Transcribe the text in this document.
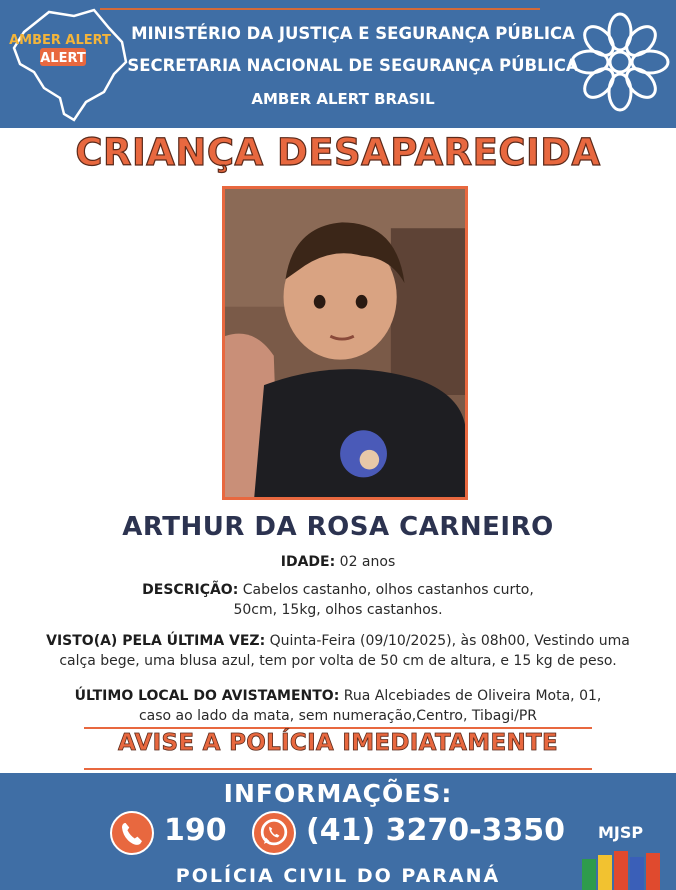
AMBER ALERT
ALERT
MINISTÉRIO DA JUSTIÇA E SEGURANÇA PÚBLICA
SECRETARIA NACIONAL DE SEGURANÇA PÚBLICA
AMBER ALERT BRASIL
CRIANÇA DESAPARECIDA
ARTHUR DA ROSA CARNEIRO
IDADE: 02 anos
DESCRIÇÃO: Cabelos castanho, olhos castanhos curto,
50cm, 15kg, olhos castanhos.
VISTO(A) PELA ÚLTIMA VEZ: Quinta-Feira (09/10/2025), às 08h00, Vestindo uma
calça bege, uma blusa azul, tem por volta de 50 cm de altura, e 15 kg de peso.
ÚLTIMO LOCAL DO AVISTAMENTO: Rua Alcebiades de Oliveira Mota, 01,
caso ao lado da mata, sem numeração,Centro, Tibagi/PR
AVISE A POLÍCIA IMEDIATAMENTE
INFORMAÇÕES:
190	(41) 3270-3350 MJSP
POLÍCIA CIVIL DO PARANÁ
